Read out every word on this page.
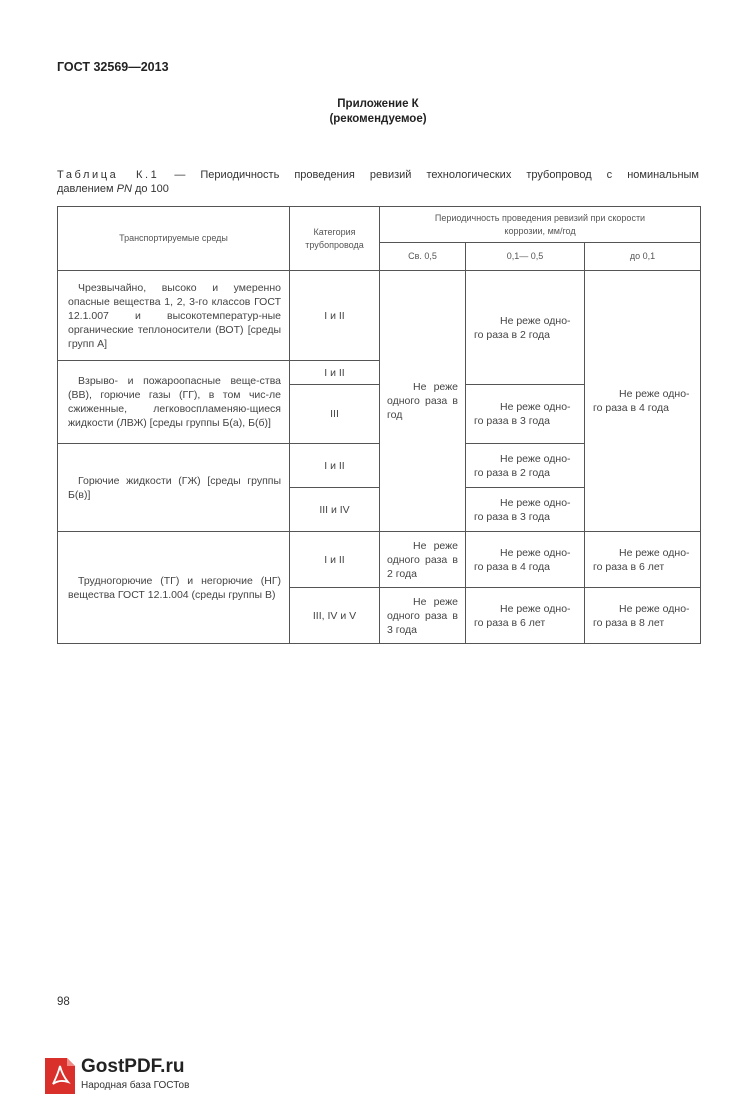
ГОСТ 32569—2013
Приложение К
(рекомендуемое)
Таблица К.1 — Периодичность проведения ревизий технологических трубопровод с номинальным
давлением PN до 100
Транспортируемые среды	Категория трубопровода	Периодичность проведения ревизий при скорости коррозии, мм/год		

		Св. 0,5	0,1— 0,5	до 0,1

Чрезвычайно, высоко и умеренно опасные вещества 1, 2, 3-го классов ГОСТ 12.1.007 и высокотемператур-ные органические теплоносители (ВОТ) [среды групп А]	I и II	Не реже одного раза в год	Не реже одно-го раза в 2 года	Не реже одно-го раза в 4 года

Взрыво- и пожароопасные веще-ства (ВВ), горючие газы (ГГ), в том чис-ле сжиженные, легковоспламеняю-щиеся жидкости (ЛВЖ) [среды группы Б(а), Б(б)]	I и II			
	III		Не реже одно-го раза в 3 года	

Горючие жидкости (ГЖ) [среды группы Б(в)]	I и II		Не реже одно-го раза в 2 года	

	III и IV		Не реже одно-го раза в 3 года	

Трудногорючие (ТГ) и негорючие (НГ) вещества ГОСТ 12.1.004 (среды группы В)	I и II	Не реже одного раза в 2 года	Не реже одно-го раза в 4 года	Не реже одно-го раза в 6 лет

	III, IV и V	Не реже одного раза в 3 года	Не реже одно-го раза в 6 лет	Не реже одно-го раза в 8 лет
98
GostPDF.ru
Народная база ГОСТов
